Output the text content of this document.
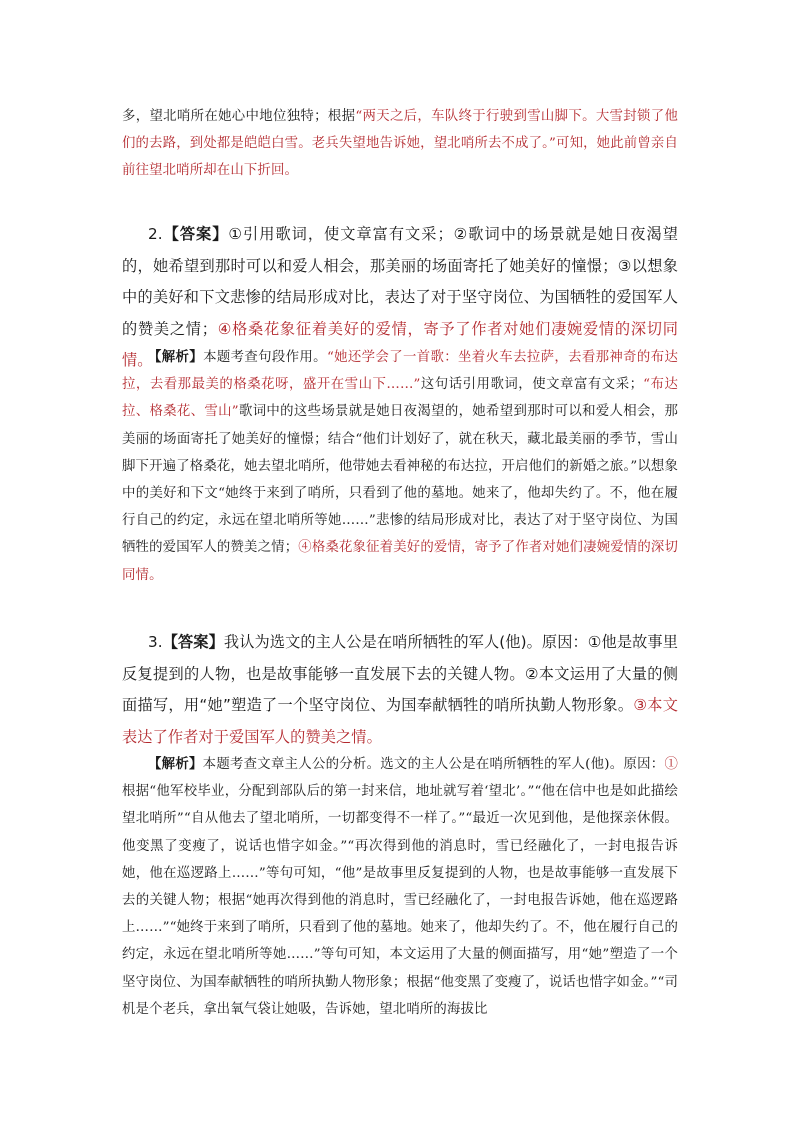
多，望北哨所在她心中地位独特；根据“两天之后，车队终于行驶到雪山脚下。大雪封锁了他们的去路，到处都是皑皑白雪。老兵失望地告诉她，望北哨所去不成了。”可知，她此前曾亲自前往望北哨所却在山下折回。

2.【答案】①引用歌词，使文章富有文采；②歌词中的场景就是她日夜渴望的，她希望到那时可以和爱人相会，那美丽的场面寄托了她美好的憧憬；③以想象中的美好和下文悲惨的结局形成对比，表达了对于坚守岗位、为国牺牲的爱国军人的赞美之情；④格桑花象征着美好的爱情，寄予了作者对她们凄婉爱情的深切同情。

【解析】本题考查句段作用。“她还学会了一首歌：坐着火车去拉萨，去看那神奇的布达拉，去看那最美的格桑花呀，盛开在雪山下……”这句话引用歌词，使文章富有文采；“布达拉、格桑花、雪山”歌词中的这些场景就是她日夜渴望的，她希望到那时可以和爱人相会，那美丽的场面寄托了她美好的憧憬；结合“他们计划好了，就在秋天，藏北最美丽的季节，雪山脚下开遍了格桑花，她去望北哨所，他带她去看神秘的布达拉，开启他们的新婚之旅。”以想象中的美好和下文“她终于来到了哨所，只看到了他的墓地。她来了，他却失约了。不，他在履行自己的约定，永远在望北哨所等她……”悲惨的结局形成对比，表达了对于坚守岗位、为国牺牲的爱国军人的赞美之情；④格桑花象征着美好的爱情，寄予了作者对她们凄婉爱情的深切同情。

3.【答案】我认为选文的主人公是在哨所牺牲的军人(他)。原因：①他是故事里反复提到的人物，也是故事能够一直发展下去的关键人物。②本文运用了大量的侧面描写，用“她”塑造了一个坚守岗位、为国奉献牺牲的哨所执勤人物形象。③本文表达了作者对于爱国军人的赞美之情。

【解析】本题考查文章主人公的分析。选文的主人公是在哨所牺牲的军人(他)。原因：①根据“他军校毕业，分配到部队后的第一封来信，地址就写着‘望北’。”“他在信中也是如此描绘望北哨所”“自从他去了望北哨所，一切都变得不一样了。”“最近一次见到他，是他探亲休假。他变黑了变瘦了，说话也惜字如金。”“再次得到他的消息时，雪已经融化了，一封电报告诉她，他在巡逻路上……”等句可知，“他”是故事里反复提到的人物，也是故事能够一直发展下去的关键人物；根据“她再次得到他的消息时，雪已经融化了，一封电报告诉她，他在巡逻路上……”“她终于来到了哨所，只看到了他的墓地。她来了，他却失约了。不，他在履行自己的约定，永远在望北哨所等她……”等句可知，本文运用了大量的侧面描写，用“她”塑造了一个坚守岗位、为国奉献牺牲的哨所执勤人物形象；根据“他变黑了变瘦了，说话也惜字如金。”“司机是个老兵，拿出氧气袋让她吸，告诉她，望北哨所的海拔比
